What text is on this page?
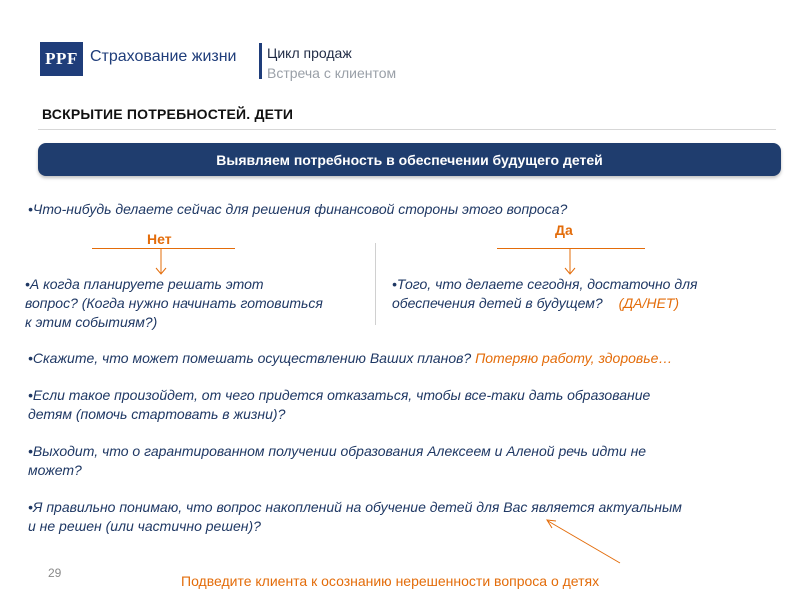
PPF Страхование жизни Цикл продаж
Встреча с клиентом
ВСКРЫТИЕ ПОТРЕБНОСТЕЙ. ДЕТИ
Выявляем потребность в обеспечении будущего детей
•Что-нибудь делаете сейчас для решения финансовой стороны этого вопроса?
Нет
Да
•А когда планируете решать этот
вопрос? (Когда нужно начинать готовиться
к этим событиям?)
•Того, что делаете сегодня, достаточно для
обеспечения детей в будущем? (ДА/НЕТ)
•Скажите, что может помешать осуществлению Ваших планов? Потеряю работу, здоровье…
•Если такое произойдет, от чего придется отказаться, чтобы все-таки дать образование
детям (помочь стартовать в жизни)?
•Выходит, что о гарантированном получении образования Алексеем и Аленой речь идти не
может?
•Я правильно понимаю, что вопрос накоплений на обучение детей для Вас является актуальным
и не решен (или частично решен)?
29	Подведите клиента к осознанию нерешенности вопроса о детях
